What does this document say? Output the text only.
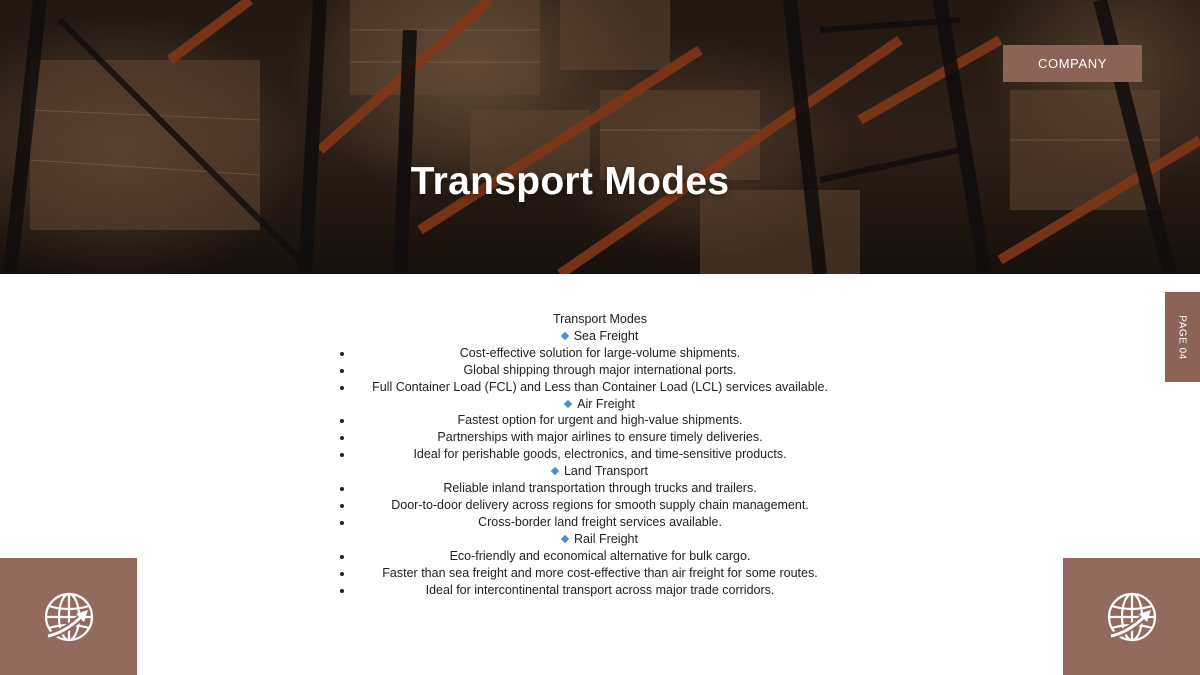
Transport Modes
COMPANY
PAGE 04
Transport Modes
Sea Freight
Cost-effective solution for large-volume shipments.
Global shipping through major international ports.
Full Container Load (FCL) and Less than Container Load (LCL) services available.
Air Freight
Fastest option for urgent and high-value shipments.
Partnerships with major airlines to ensure timely deliveries.
Ideal for perishable goods, electronics, and time-sensitive products.
Land Transport
Reliable inland transportation through trucks and trailers.
Door-to-door delivery across regions for smooth supply chain management.
Cross-border land freight services available.
Rail Freight
Eco-friendly and economical alternative for bulk cargo.
Faster than sea freight and more cost-effective than air freight for some routes.
Ideal for intercontinental transport across major trade corridors.
